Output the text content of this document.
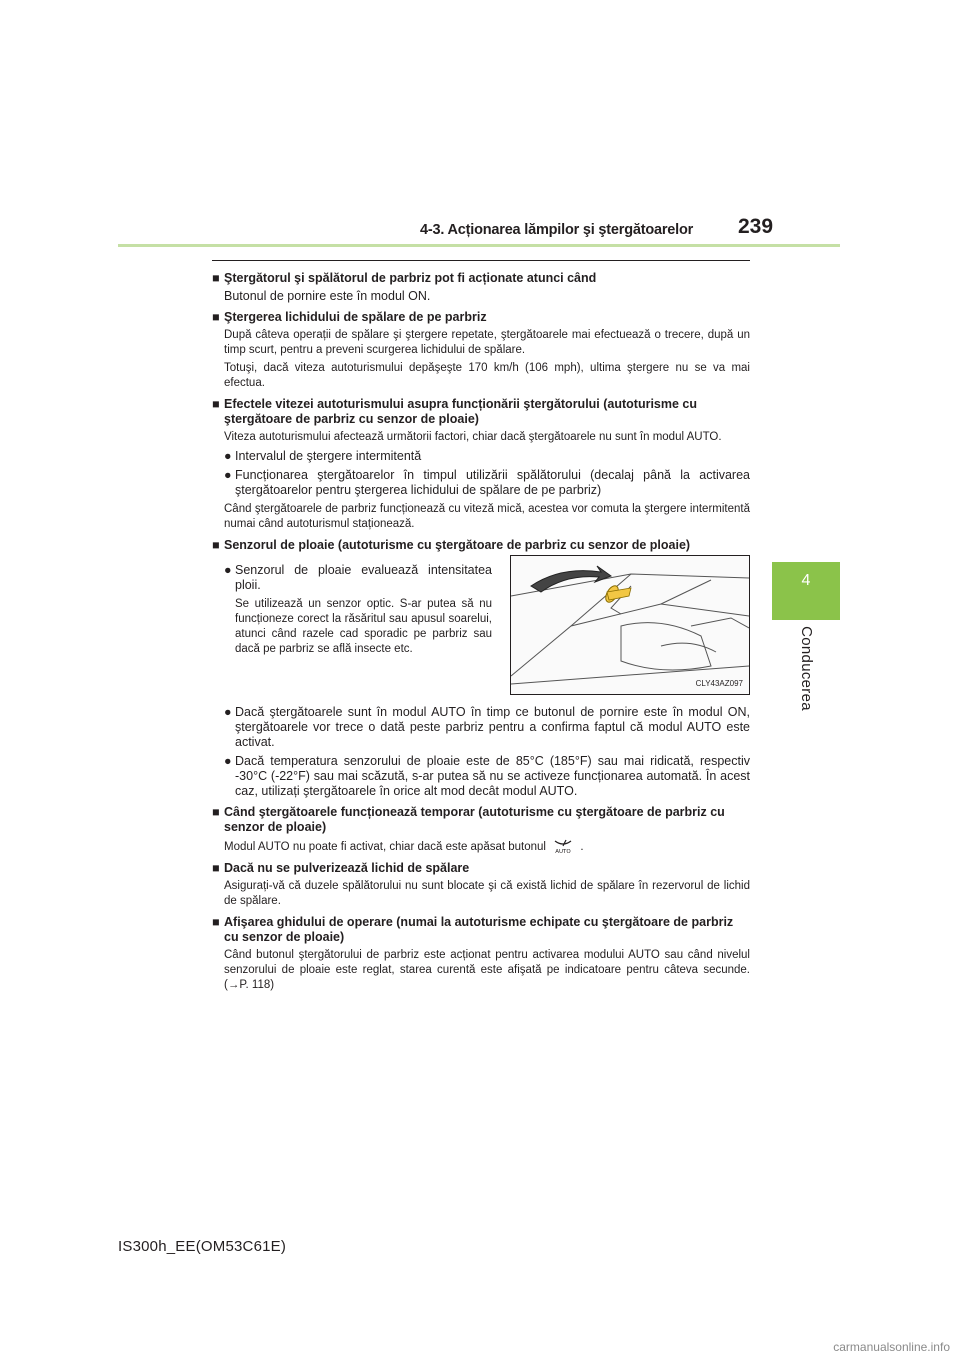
4-3. Acționarea lămpilor şi ştergătoarelor 239
4
Conducerea
■ Ştergătorul şi spălătorul de parbriz pot fi acționate atunci când
Butonul de pornire este în modul ON.
■ Ştergerea lichidului de spălare de pe parbriz
După câteva operații de spălare şi ştergere repetate, ştergătoarele mai efectuează o trecere, după un timp scurt, pentru a preveni scurgerea lichidului de spălare.
Totuşi, dacă viteza autoturismului depăşeşte 170 km/h (106 mph), ultima ştergere nu se va mai efectua.
■ Efectele vitezei autoturismului asupra funcționării ştergătorului (autoturisme cu ştergătoare de parbriz cu senzor de ploaie)
Viteza autoturismului afectează următorii factori, chiar dacă ştergătoarele nu sunt în modul AUTO.
● Intervalul de ştergere intermitentă
● Funcționarea ştergătoarelor în timpul utilizării spălătorului (decalaj până la activarea ştergătoarelor pentru ştergerea lichidului de spălare de pe parbriz)
Când ştergătoarele de parbriz funcționează cu viteză mică, acestea vor comuta la ştergere intermitentă numai când autoturismul staționează.
■ Senzorul de ploaie (autoturisme cu ştergătoare de parbriz cu senzor de ploaie)
● Senzorul de ploaie evaluează intensitatea ploii.
Se utilizează un senzor optic. S-ar putea să nu funcționeze corect la răsăritul sau apusul soarelui, atunci când razele cad sporadic pe parbriz sau dacă pe parbriz se află insecte etc.
CLY43AZ097
● Dacă ştergătoarele sunt în modul AUTO în timp ce butonul de pornire este în modul ON, ştergătoarele vor trece o dată peste parbriz pentru a confirma faptul că modul AUTO este activat.
● Dacă temperatura senzorului de ploaie este de 85°C (185°F) sau mai ridicată, respectiv -30°C (-22°F) sau mai scăzută, s-ar putea să nu se activeze funcționarea automată. În acest caz, utilizați ştergătoarele în orice alt mod decât modul AUTO.
■ Când ştergătoarele funcționează temporar (autoturisme cu ştergătoare de parbriz cu senzor de ploaie)
Modul AUTO nu poate fi activat, chiar dacă este apăsat butonul AUTO .
■ Dacă nu se pulverizează lichid de spălare
Asigurați-vă că duzele spălătorului nu sunt blocate şi că există lichid de spălare în rezervorul de lichid de spălare.
■ Afişarea ghidului de operare (numai la autoturisme echipate cu ştergătoare de parbriz cu senzor de ploaie)
Când butonul ştergătorului de parbriz este acționat pentru activarea modului AUTO sau când nivelul senzorului de ploaie este reglat, starea curentă este afişată pe indicatoare pentru câteva secunde. (→P. 118)
IS300h_EE(OM53C61E)
carmanualsonline.info
